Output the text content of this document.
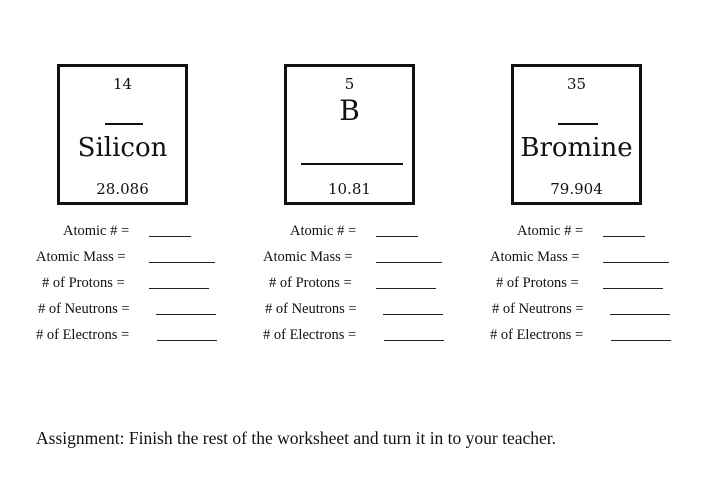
14
Silicon
28.086
5
B
10.81
35
Bromine
79.904
Atomic # =
Atomic Mass =
# of Protons =
# of Neutrons =
# of Electrons =
Atomic # =
Atomic Mass =
# of Protons =
# of Neutrons =
# of Electrons =
Atomic # =
Atomic Mass =
# of Protons =
# of Neutrons =
# of Electrons =
Assignment: Finish the rest of the worksheet and turn it in to your teacher.
